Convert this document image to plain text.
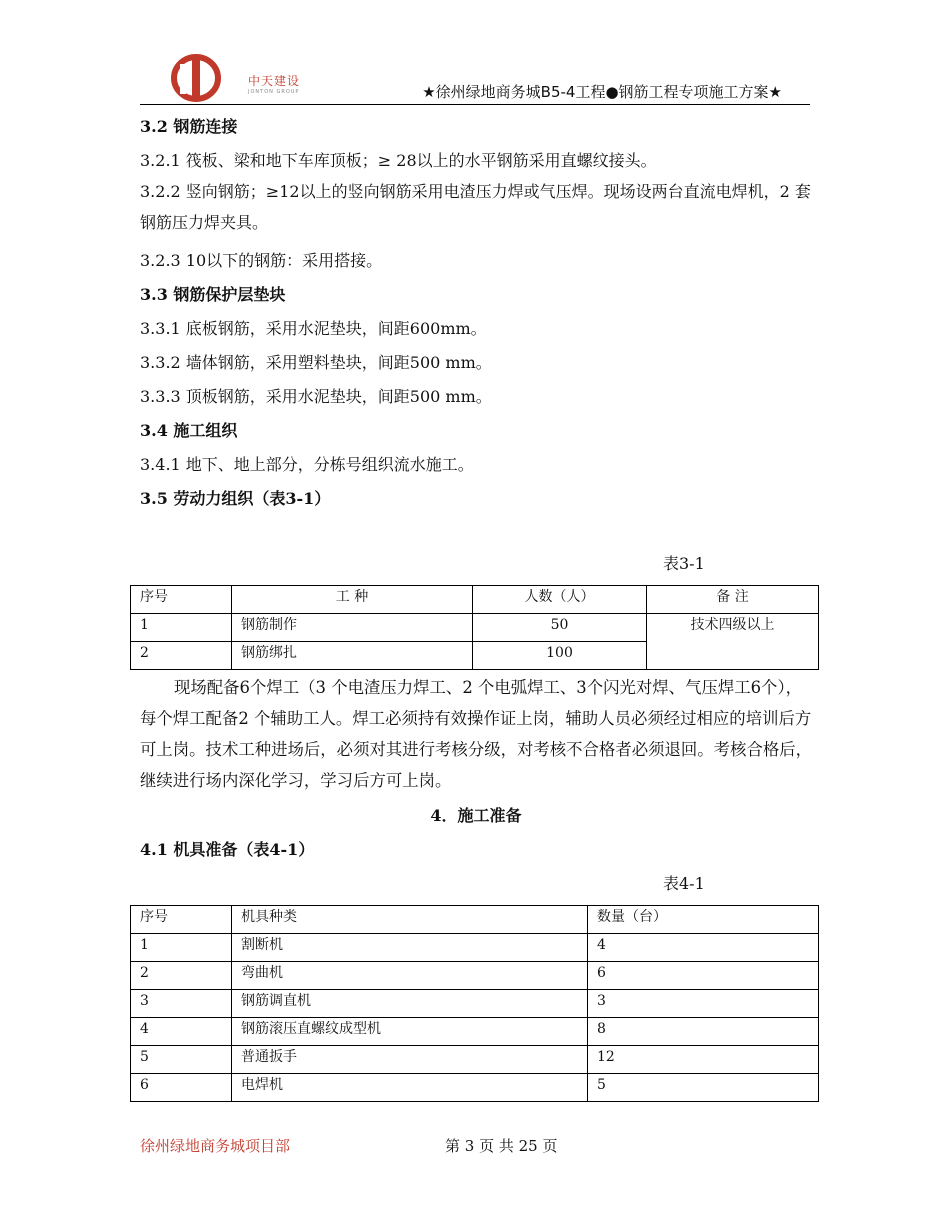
中天建设
JONTON GROUP	★徐州绿地商务城B5-4工程●钢筋工程专项施工方案★
3.2 钢筋连接
3.2.1 筏板、梁和地下车库顶板；≥ 28以上的水平钢筋采用直螺纹接头。
3.2.2 竖向钢筋；≥12以上的竖向钢筋采用电渣压力焊或气压焊。现场设两台直流电焊机，2 套钢筋压力焊夹具。
3.2.3 10以下的钢筋：采用搭接。
3.3 钢筋保护层垫块
3.3.1 底板钢筋，采用水泥垫块，间距600mm。
3.3.2 墙体钢筋，采用塑料垫块，间距500 mm。
3.3.3 顶板钢筋，采用水泥垫块，间距500 mm。
3.4 施工组织
3.4.1 地下、地上部分，分栋号组织流水施工。
3.5 劳动力组织（表3-1）
表3-1
序号	工 种	人数（人）	备 注
1	钢筋制作	50	技术四级以上
2	钢筋绑扎	100	
现场配备6个焊工（3 个电渣压力焊工、2 个电弧焊工、3个闪光对焊、气压焊工6个），每个焊工配备2 个辅助工人。焊工必须持有效操作证上岗，辅助人员必须经过相应的培训后方可上岗。技术工种进场后，必须对其进行考核分级，对考核不合格者必须退回。考核合格后，继续进行场内深化学习，学习后方可上岗。
4．施工准备
4.1 机具准备（表4-1）
表4-1
序号	机具种类	数量（台）
1	割断机	4
2	弯曲机	6
3	钢筋调直机	3
4	钢筋滚压直螺纹成型机	8
5	普通扳手	12
6	电焊机	5
徐州绿地商务城项目部	第 3 页 共 25 页
